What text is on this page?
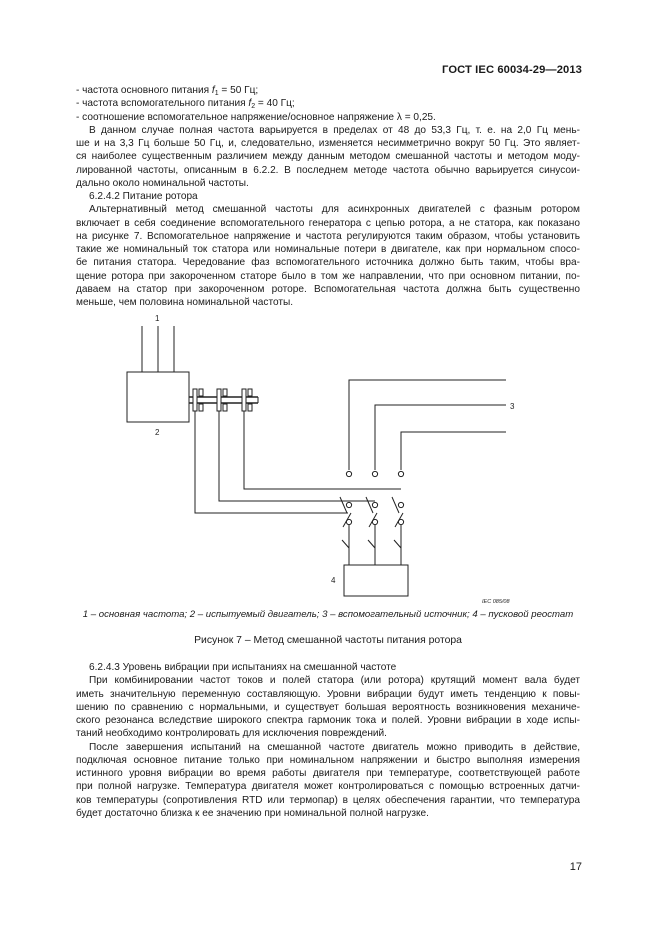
ГОСТ IEC 60034-29—2013
- частота основного питания $f_1 = 50$ Гц;
- частота вспомогательного питания $f_2 = 40$ Гц;
- соотношение вспомогательное напряжение/основное напряжение λ = 0,25.
В данном случае полная частота варьируется в пределах от 48 до 53,3 Гц, т. е. на 2,0 Гц мень-
ше и на 3,3 Гц больше 50 Гц, и, следовательно, изменяется несимметрично вокруг 50 Гц. Это являет-
ся наиболее существенным различием между данным методом смешанной частоты и методом моду-
лированной частоты, описанным в 6.2.2. В последнем методе частота обычно варьируется синусои-
дально около номинальной частоты.
6.2.4.2 Питание ротора
Альтернативный метод смешанной частоты для асинхронных двигателей с фазным ротором
включает в себя соединение вспомогательного генератора с цепью ротора, а не статора, как показано
на рисунке 7. Вспомогательное напряжение и частота регулируются таким образом, чтобы установить
такие же номинальный ток статора или номинальные потери в двигателе, как при нормальном спосо-
бе питания статора. Чередование фаз вспомогательного источника должно быть таким, чтобы вра-
щение ротора при закороченном статоре было в том же направлении, что при основном питании, по-
даваем на статор при закороченном роторе. Вспомогательная частота должна быть существенно
меньше, чем половина номинальной частоты.
1
2
3
4
IEC 085/08
1 – основная частота; 2 – испытуемый двигатель; 3 – вспомогательный источник; 4 – пусковой реостат
Рисунок 7 – Метод смешанной частоты питания ротора
6.2.4.3 Уровень вибрации при испытаниях на смешанной частоте
При комбинировании частот токов и полей статора (или ротора) крутящий момент вала будет
иметь значительную переменную составляющую. Уровни вибрации будут иметь тенденцию к повы-
шению по сравнению с нормальными, и существует большая вероятность возникновения механиче-
ского резонанса вследствие широкого спектра гармоник тока и полей. Уровни вибрации в ходе испы-
таний необходимо контролировать для исключения повреждений.
После завершения испытаний на смешанной частоте двигатель можно приводить в действие,
подключая основное питание только при номинальном напряжении и быстро выполняя измерения
истинного уровня вибрации во время работы двигателя при температуре, соответствующей работе
при полной нагрузке. Температура двигателя может контролироваться с помощью встроенных датчи-
ков температуры (сопротивления RTD или термопар) в целях обеспечения гарантии, что температура
будет достаточно близка к ее значению при номинальной полной нагрузке.
17
